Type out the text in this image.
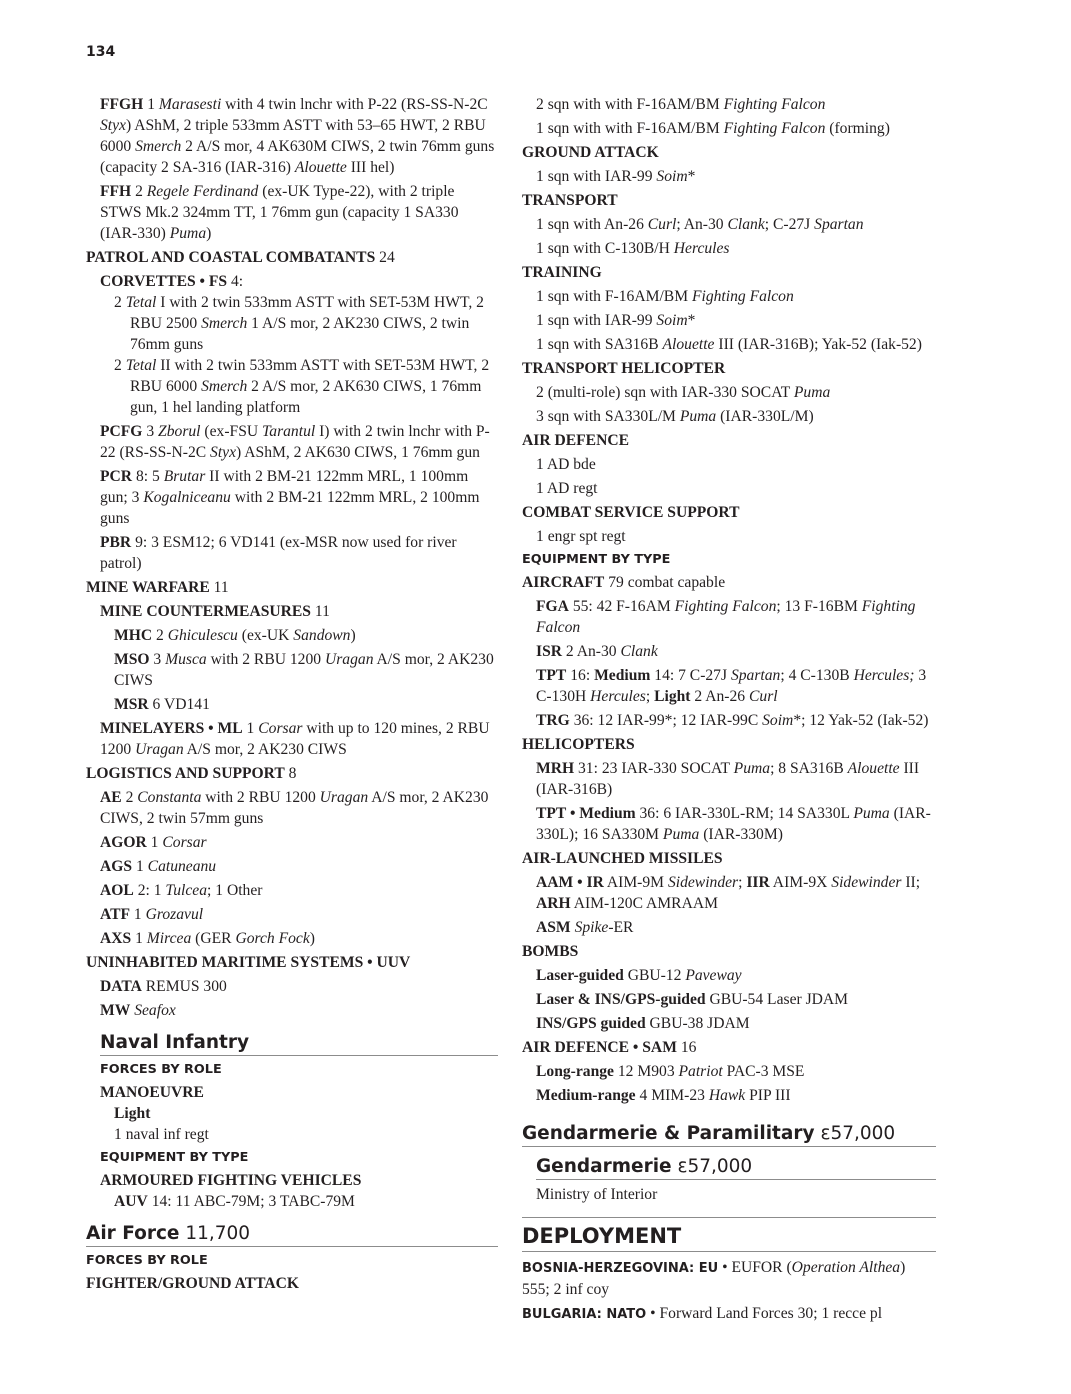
134

FFGH 1 Marasesti with 4 twin lnchr with P-22 (RS-SS-N-2C Styx) AShM, 2 triple 533mm ASTT with 53–65 HWT, 2 RBU 6000 Smerch 2 A/S mor, 4 AK630M CIWS, 2 twin 76mm guns (capacity 2 SA-316 (IAR-316) Alouette III hel)

FFH 2 Regele Ferdinand (ex-UK Type-22), with 2 triple STWS Mk.2 324mm TT, 1 76mm gun (capacity 1 SA330 (IAR-330) Puma)

PATROL AND COASTAL COMBATANTS 24

CORVETTES • FS 4:

2 Tetal I with 2 twin 533mm ASTT with SET-53M HWT, 2 RBU 2500 Smerch 1 A/S mor, 2 AK230 CIWS, 2 twin 76mm guns

2 Tetal II with 2 twin 533mm ASTT with SET-53M HWT, 2 RBU 6000 Smerch 2 A/S mor, 2 AK630 CIWS, 1 76mm gun, 1 hel landing platform

PCFG 3 Zborul (ex-FSU Tarantul I) with 2 twin lnchr with P-22 (RS-SS-N-2C Styx) AShM, 2 AK630 CIWS, 1 76mm gun

PCR 8: 5 Brutar II with 2 BM-21 122mm MRL, 1 100mm gun; 3 Kogalniceanu with 2 BM-21 122mm MRL, 2 100mm guns

PBR 9: 3 ESM12; 6 VD141 (ex-MSR now used for river patrol)

MINE WARFARE 11

MINE COUNTERMEASURES 11

MHC 2 Ghiculescu (ex-UK Sandown)

MSO 3 Musca with 2 RBU 1200 Uragan A/S mor, 2 AK230 CIWS

MSR 6 VD141

MINELAYERS • ML 1 Corsar with up to 120 mines, 2 RBU 1200 Uragan A/S mor, 2 AK230 CIWS

LOGISTICS AND SUPPORT 8

AE 2 Constanta with 2 RBU 1200 Uragan A/S mor, 2 AK230 CIWS, 2 twin 57mm guns

AGOR 1 Corsar

AGS 1 Catuneanu

AOL 2: 1 Tulcea; 1 Other

ATF 1 Grozavul

AXS 1 Mircea (GER Gorch Fock)

UNINHABITED MARITIME SYSTEMS • UUV

DATA REMUS 300

MW Seafox

Naval Infantry
FORCES BY ROLE

MANOEUVRE

Light

1 naval inf regt

EQUIPMENT BY TYPE

ARMOURED FIGHTING VEHICLES

AUV 14: 11 ABC-79M; 3 TABC-79M

Air Force 11,700
FORCES BY ROLE

FIGHTER/GROUND ATTACK

2 sqn with with F-16AM/BM Fighting Falcon

1 sqn with with F-16AM/BM Fighting Falcon (forming)

GROUND ATTACK

1 sqn with IAR-99 Soim*

TRANSPORT

1 sqn with An-26 Curl; An-30 Clank; C-27J Spartan

1 sqn with C-130B/H Hercules

TRAINING

1 sqn with F-16AM/BM Fighting Falcon

1 sqn with IAR-99 Soim*

1 sqn with SA316B Alouette III (IAR-316B); Yak-52 (Iak-52)

TRANSPORT HELICOPTER

2 (multi-role) sqn with IAR-330 SOCAT Puma

3 sqn with SA330L/M Puma (IAR-330L/M)

AIR DEFENCE

1 AD bde

1 AD regt

COMBAT SERVICE SUPPORT

1 engr spt regt

EQUIPMENT BY TYPE

AIRCRAFT 79 combat capable

FGA 55: 42 F-16AM Fighting Falcon; 13 F-16BM Fighting Falcon

ISR 2 An-30 Clank

TPT 16: Medium 14: 7 C-27J Spartan; 4 C-130B Hercules; 3 C-130H Hercules; Light 2 An-26 Curl

TRG 36: 12 IAR-99*; 12 IAR-99C Soim*; 12 Yak-52 (Iak-52)

HELICOPTERS

MRH 31: 23 IAR-330 SOCAT Puma; 8 SA316B Alouette III (IAR-316B)

TPT • Medium 36: 6 IAR-330L-RM; 14 SA330L Puma (IAR-330L); 16 SA330M Puma (IAR-330M)

AIR-LAUNCHED MISSILES

AAM • IR AIM-9M Sidewinder; IIR AIM-9X Sidewinder II; ARH AIM-120C AMRAAM

ASM Spike-ER

BOMBS

Laser-guided GBU-12 Paveway

Laser & INS/GPS-guided GBU-54 Laser JDAM

INS/GPS guided GBU-38 JDAM

AIR DEFENCE • SAM 16

Long-range 12 M903 Patriot PAC-3 MSE

Medium-range 4 MIM-23 Hawk PIP III

Gendarmerie & Paramilitary ε57,000
Gendarmerie ε57,000

Ministry of Interior

DEPLOYMENT

BOSNIA-HERZEGOVINA: EU • EUFOR (Operation Althea) 555; 2 inf coy

BULGARIA: NATO • Forward Land Forces 30; 1 recce pl
